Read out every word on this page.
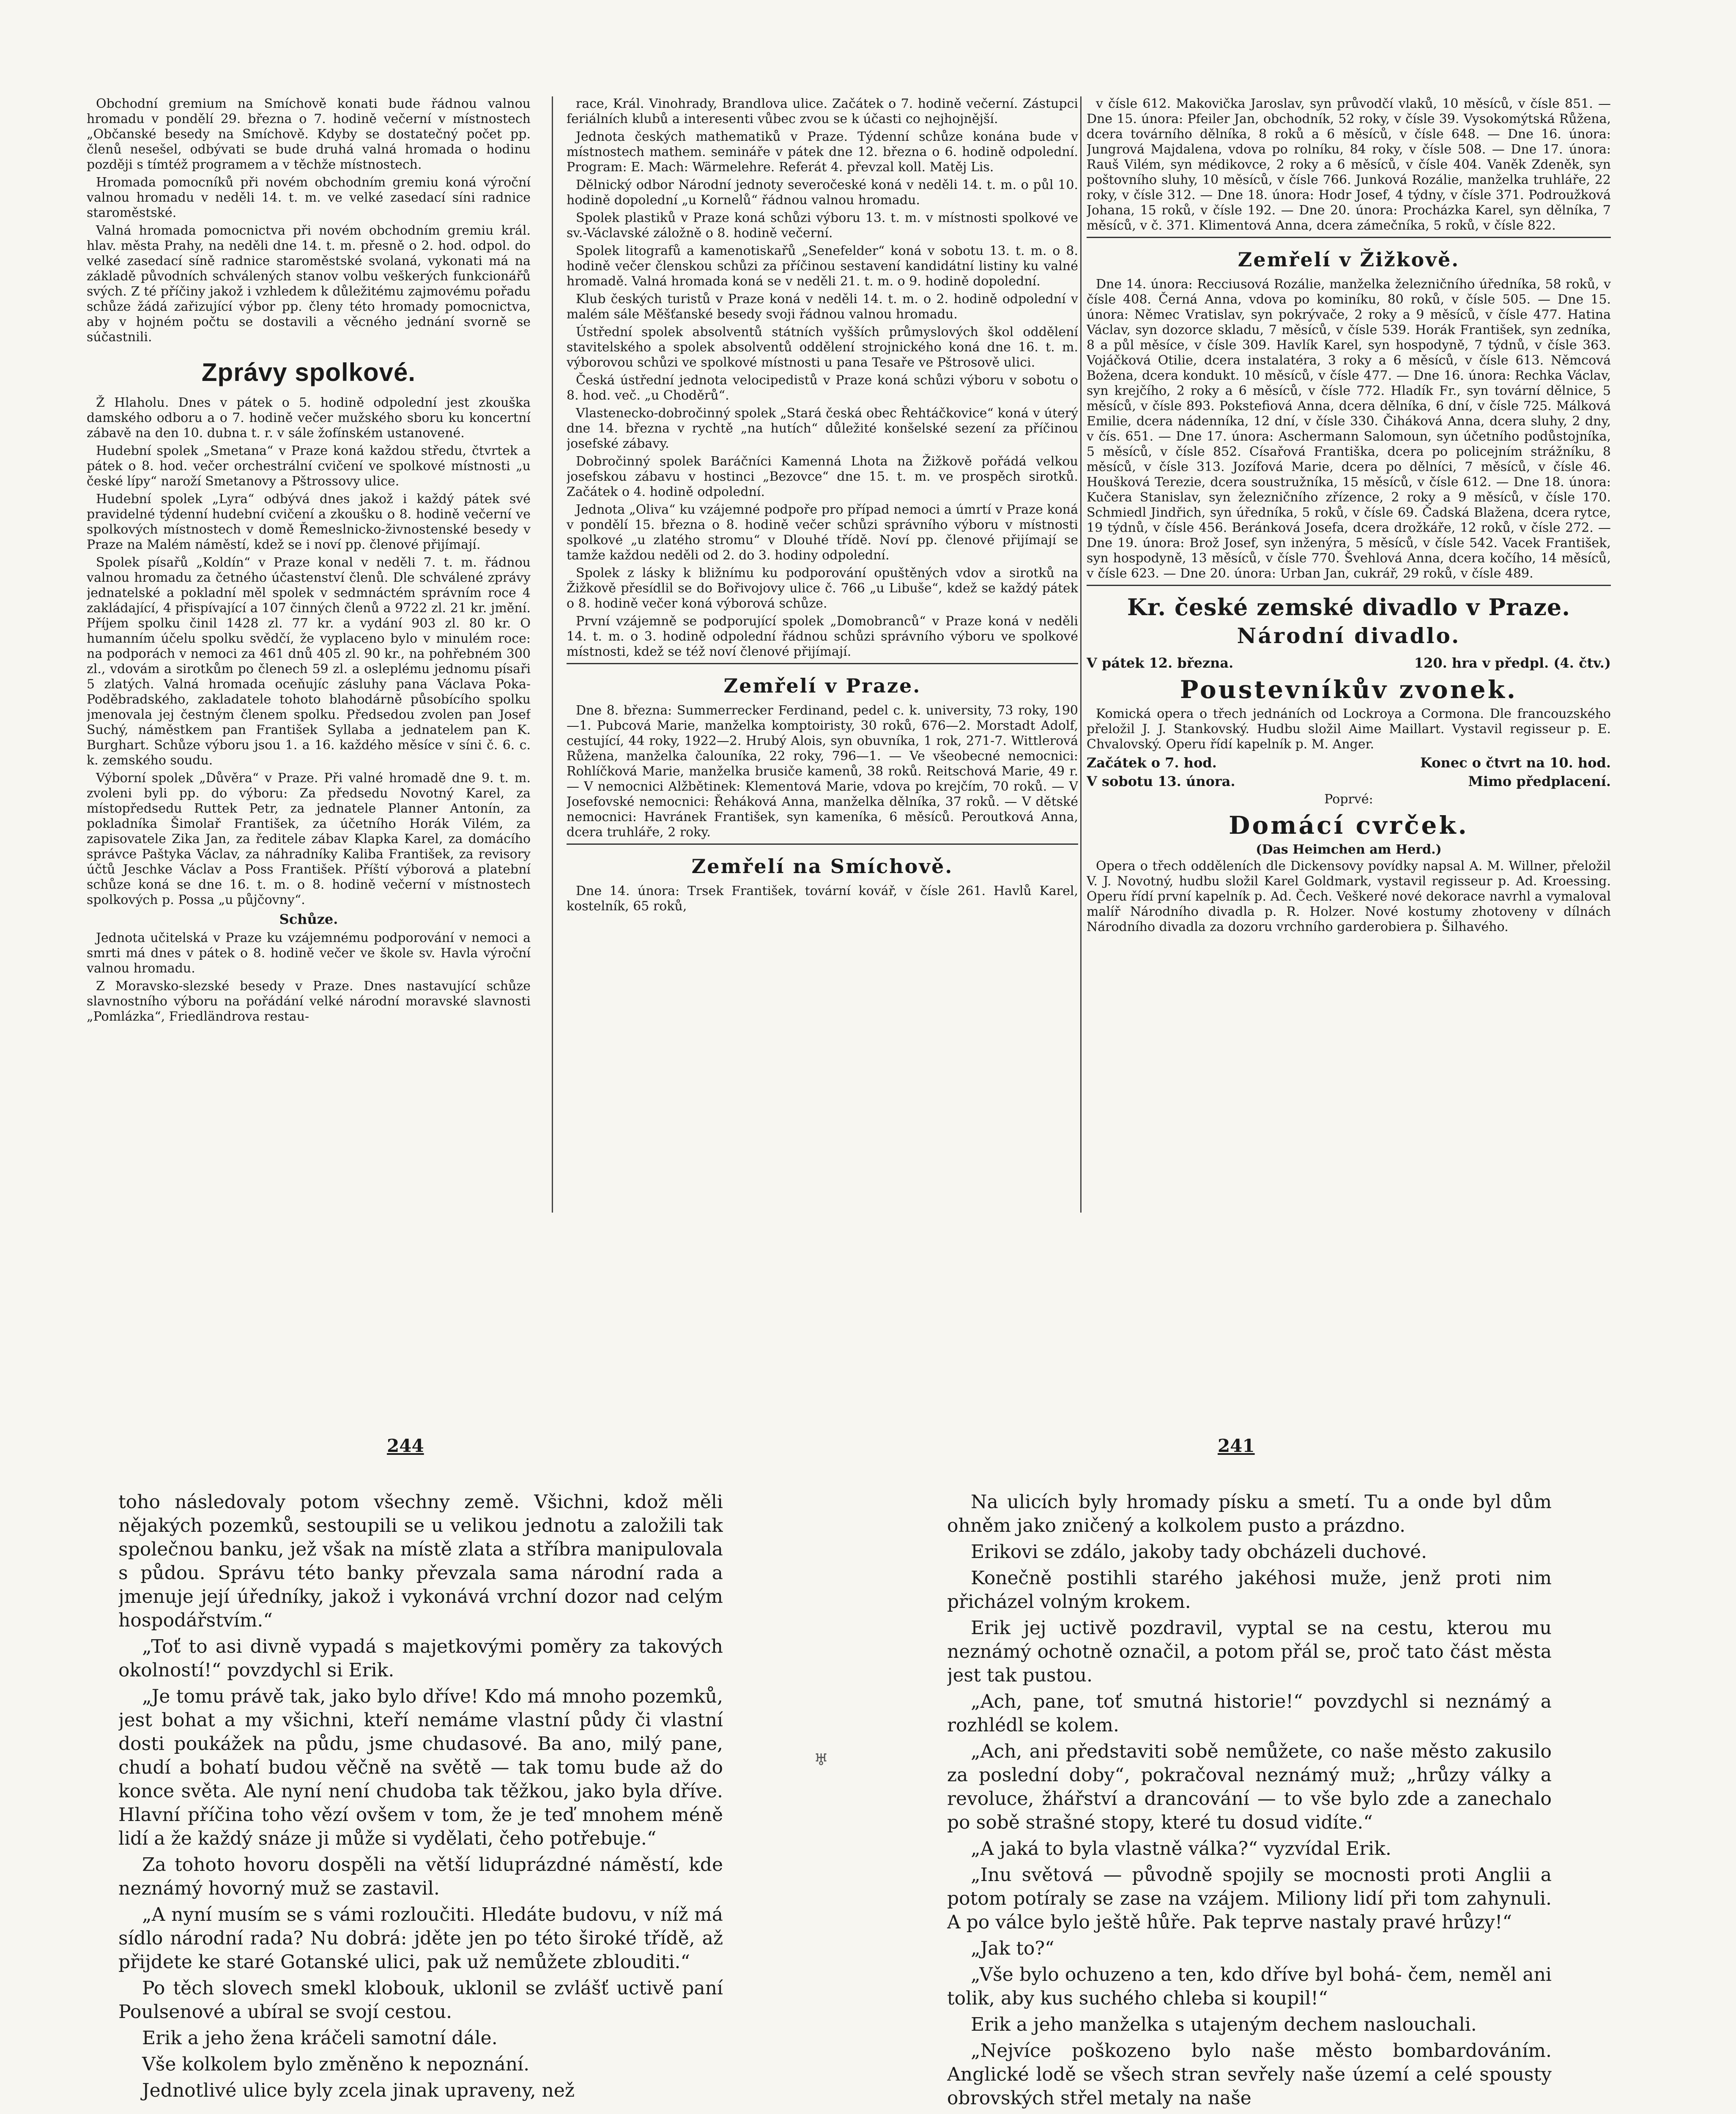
Obchodní gremium na Smíchově konati bude řádnou valnou hromadu v pondělí 29. března o 7. hodině večerní v místnostech „Občanské besedy na Smíchově. Kdyby se dostatečný počet pp. členů nesešel, odbývati se bude druhá valná hromada o hodinu později s tímtéž programem a v těchže místnostech.

Hromada pomocníků při novém obchodním gremiu koná výroční valnou hromadu v neděli 14. t. m. ve velké zasedací síni radnice staroměstské.

Valná hromada pomocnictva při novém obchodním gremiu král. hlav. města Prahy, na neděli dne 14. t. m. přesně o 2. hod. odpol. do velké zasedací síně radnice staroměstské svolaná, vykonati má na základě původních schválených stanov volbu veškerých funkcionářů svých. Z té příčiny jakož i vzhledem k důležitému zajmovému pořadu schůze žádá zařizující výbor pp. členy této hromady pomocnictva, aby v hojném počtu se dostavili a věcného jednání svorně se súčastnili.

Zprávy spolkové.

Ž Hlaholu. Dnes v pátek o 5. hodině odpolední jest zkouška damského odboru a o 7. hodině večer mužského sboru ku koncertní zábavě na den 10. dubna t. r. v sále žofínském ustanovené.

Hudební spolek „Smetana“ v Praze koná každou středu, čtvrtek a pátek o 8. hod. večer orchestrální cvičení ve spolkové místnosti „u české lípy“ naroží Smetanovy a Pštrossovy ulice.

Hudební spolek „Lyra“ odbývá dnes jakož i každý pátek své pravidelné týdenní hudební cvičení a zkoušku o 8. hodině večerní ve spolkových místnostech v domě Řemeslnicko-živnostenské besedy v Praze na Malém náměstí, kdež se i noví pp. členové přijímají.

Spolek písařů „Koldín“ v Praze konal v neděli 7. t. m. řádnou valnou hromadu za četného účastenství členů. Dle schválené zprávy jednatelské a pokladní měl spolek v sedmnáctém správním roce 4 zakládající, 4 přispívající a 107 činných členů a 9722 zl. 21 kr. jmění. Příjem spolku činil 1428 zl. 77 kr. a vydání 903 zl. 80 kr. O humanním účelu spolku svědčí, že vyplaceno bylo v minulém roce: na podporách v nemoci za 461 dnů 405 zl. 90 kr., na pohřebném 300 zl., vdovám a sirotkům po členech 59 zl. a osleplému jednomu písaři 5 zlatých. Valná hromada oceňujíc zásluhy pana Václava Poka-Poděbradského, zakladatele tohoto blahodárně působícího spolku jmenovala jej čestným členem spolku. Předsedou zvolen pan Josef Suchý, náměstkem pan František Syllaba a jednatelem pan K. Burghart. Schůze výboru jsou 1. a 16. každého měsíce v síni č. 6. c. k. zemského soudu.

Výborní spolek „Důvěra“ v Praze. Při valné hromadě dne 9. t. m. zvoleni byli pp. do výboru: Za předsedu Novotný Karel, za místopředsedu Ruttek Petr, za jednatele Planner Antonín, za pokladníka Šimolař František, za účetního Horák Vilém, za zapisovatele Zika Jan, za ředitele zábav Klapka Karel, za domácího správce Paštyka Václav, za náhradníky Kaliba František, za revisory účtů Jeschke Václav a Poss František. Příští výborová a platební schůze koná se dne 16. t. m. o 8. hodině večerní v místnostech spolkových p. Possa „u půjčovny“.

Schůze.

Jednota učitelská v Praze ku vzájemnému podporování v nemoci a smrti má dnes v pátek o 8. hodině večer ve škole sv. Havla výroční valnou hromadu.

Z Moravsko-slezské besedy v Praze. Dnes nastavující schůze slavnostního výboru na pořádání velké národní moravské slavnosti „Pomlázka“, Friedländrova restau-

race, Král. Vinohrady, Brandlova ulice. Začátek o 7. hodině večerní. Zástupci feriálních klubů a interesenti vůbec zvou se k účasti co nejhojnější.

Jednota českých mathematiků v Praze. Týdenní schůze konána bude v místnostech mathem. semináře v pátek dne 12. března o 6. hodině odpolední. Program: E. Mach: Wärmelehre. Referát 4. převzal koll. Matěj Lis.

Dělnický odbor Národní jednoty severočeské koná v neděli 14. t. m. o půl 10. hodině dopolední „u Kornelů“ řádnou valnou hromadu.

Spolek plastiků v Praze koná schůzi výboru 13. t. m. v místnosti spolkové ve sv.-Václavské záložně o 8. hodině večerní.

Spolek litografů a kamenotiskařů „Senefelder“ koná v sobotu 13. t. m. o 8. hodině večer členskou schůzi za příčinou sestavení kandidátní listiny ku valné hromadě. Valná hromada koná se v neděli 21. t. m. o 9. hodině dopolední.

Klub českých turistů v Praze koná v neděli 14. t. m. o 2. hodině odpolední v malém sále Měšťanské besedy svoji řádnou valnou hromadu.

Ústřední spolek absolventů státních vyšších průmyslových škol oddělení stavitelského a spolek absolventů oddělení strojnického koná dne 16. t. m. výborovou schůzi ve spolkové místnosti u pana Tesaře ve Pštrosově ulici.

Česká ústřední jednota velocipedistů v Praze koná schůzi výboru v sobotu o 8. hod. več. „u Choděrů“.

Vlastenecko-dobročinný spolek „Stará česká obec Řehtáčkovice“ koná v úterý dne 14. března v rychtě „na hutích“ důležité konšelské sezení za příčinou josefské zábavy.

Dobročinný spolek Baráčníci Kamenná Lhota na Žižkově pořádá velkou josefskou zábavu v hostinci „Bezovce“ dne 15. t. m. ve prospěch sirotků. Začátek o 4. hodině odpolední.

Jednota „Oliva“ ku vzájemné podpoře pro případ nemoci a úmrtí v Praze koná v pondělí 15. března o 8. hodině večer schůzi správního výboru v místnosti spolkové „u zlatého stromu“ v Dlouhé třídě. Noví pp. členové přijímají se tamže každou neděli od 2. do 3. hodiny odpolední.

Spolek z lásky k bližnímu ku podporování opuštěných vdov a sirotků na Žižkově přesídlil se do Bořivojovy ulice č. 766 „u Libuše“, kdež se každý pátek o 8. hodině večer koná výborová schůze.

První vzájemně se podporující spolek „Domobranců“ v Praze koná v neděli 14. t. m. o 3. hodině odpolední řádnou schůzi správního výboru ve spolkové místnosti, kdež se též noví členové přijímají.

Zemřelí v Praze.

Dne 8. března: Summerrecker Ferdinand, pedel c. k. university, 73 roky, 190—1. Pubcová Marie, manželka komptoiristy, 30 roků, 676—2. Morstadt Adolf, cestující, 44 roky, 1922—2. Hrubý Alois, syn obuvníka, 1 rok, 271-7. Wittlerová Růžena, manželka čalouníka, 22 roky, 796—1. — Ve všeobecné nemocnici: Rohlíčková Marie, manželka brusiče kamenů, 38 roků. Reitschová Marie, 49 r. — V nemocnici Alžbětinek: Klementová Marie, vdova po krejčím, 70 roků. — V Josefovské nemocnici: Řeháková Anna, manželka dělníka, 37 roků. — V dětské nemocnici: Havránek František, syn kameníka, 6 měsíců. Peroutková Anna, dcera truhláře, 2 roky.

Zemřelí na Smíchově.

Dne 14. února: Trsek František, tovární kovář, v čísle 261. Havlů Karel, kostelník, 65 roků,

v čísle 612. Makovička Jaroslav, syn průvodčí vlaků, 10 měsíců, v čísle 851. — Dne 15. února: Pfeiler Jan, obchodník, 52 roky, v čísle 39. Vysokomýtská Růžena, dcera továrního dělníka, 8 roků a 6 měsíců, v čísle 648. — Dne 16. února: Jungrová Majdalena, vdova po rolníku, 84 roky, v čísle 508. — Dne 17. února: Rauš Vilém, syn médikovce, 2 roky a 6 měsíců, v čísle 404. Vaněk Zdeněk, syn poštovního sluhy, 10 měsíců, v čísle 766. Junková Rozálie, manželka truhláře, 22 roky, v čísle 312. — Dne 18. února: Hodr Josef, 4 týdny, v čísle 371. Podroužková Johana, 15 roků, v čísle 192. — Dne 20. února: Procházka Karel, syn dělníka, 7 měsíců, v č. 371. Klimentová Anna, dcera zámečníka, 5 roků, v čísle 822.

Zemřelí v Žižkově.

Dne 14. února: Recciusová Rozálie, manželka železničního úředníka, 58 roků, v čísle 408. Černá Anna, vdova po kominíku, 80 roků, v čísle 505. — Dne 15. února: Němec Vratislav, syn pokrývače, 2 roky a 9 měsíců, v čísle 477. Hatina Václav, syn dozorce skladu, 7 měsíců, v čísle 539. Horák František, syn zedníka, 8 a půl měsíce, v čísle 309. Havlík Karel, syn hospodyně, 7 týdnů, v čísle 363. Vojáčková Otilie, dcera instalatéra, 3 roky a 6 měsíců, v čísle 613. Němcová Božena, dcera kondukt. 10 měsíců, v čísle 477. — Dne 16. února: Rechka Václav, syn krejčího, 2 roky a 6 měsíců, v čísle 772. Hladík Fr., syn tovární dělnice, 5 měsíců, v čísle 893. Pokstefiová Anna, dcera dělníka, 6 dní, v čísle 725. Málková Emilie, dcera nádenníka, 12 dní, v čísle 330. Čiháková Anna, dcera sluhy, 2 dny, v čís. 651. — Dne 17. února: Aschermann Salomoun, syn účetního podůstojníka, 5 měsíců, v čísle 852. Císařová Františka, dcera po policejním strážníku, 8 měsíců, v čísle 313. Jozífová Marie, dcera po dělníci, 7 měsíců, v čísle 46. Houšková Terezie, dcera soustružníka, 15 měsíců, v čísle 612. — Dne 18. února: Kučera Stanislav, syn železničního zřízence, 2 roky a 9 měsíců, v čísle 170. Schmiedl Jindřich, syn úředníka, 5 roků, v čísle 69. Čadská Blažena, dcera rytce, 19 týdnů, v čísle 456. Beránková Josefa, dcera drožkáře, 12 roků, v čísle 272. — Dne 19. února: Brož Josef, syn inženýra, 5 měsíců, v čísle 542. Vacek František, syn hospodyně, 13 měsíců, v čísle 770. Švehlová Anna, dcera kočího, 14 měsíců, v čísle 623. — Dne 20. února: Urban Jan, cukrář, 29 roků, v čísle 489.

Kr. české zemské divadlo v Praze.
Národní divadlo.
V pátek 12. března.	120. hra v předpl. (4. čtv.)
Poustevníkův zvonek.

Komická opera o třech jednáních od Lockroya a Cormona. Dle francouzského přeložil J. J. Stankovský. Hudbu složil Aime Maillart. Vystavil regisseur p. E. Chvalovský. Operu řídí kapelník p. M. Anger.

Začátek o 7. hod.	Konec o čtvrt na 10. hod.
V sobotu 13. února.	Mimo předplacení.
Poprvé:
Domácí cvrček.
(Das Heimchen am Herd.)

Opera o třech odděleních dle Dickensovy povídky napsal A. M. Willner, přeložil V. J. Novotný, hudbu složil Karel Goldmark, vystavil regisseur p. Ad. Kroessing. Operu řídí první kapelník p. Ad. Čech. Veškeré nové dekorace navrhl a vymaloval malíř Národního divadla p. R. Holzer. Nové kostumy zhotoveny v dílnách Národního divadla za dozoru vrchního garderobiera p. Šilhavého.

244	241

toho následovaly potom všechny země. Všichni, kdož měli nějakých pozemků, sestoupili se u velikou jednotu a založili tak společnou banku, jež však na místě zlata a stříbra manipulovala s půdou. Správu této banky převzala sama národní rada a jmenuje její úředníky, jakož i vykonává vrchní dozor nad celým hospodářstvím.“

„Toť to asi divně vypadá s majetkovými poměry za takových okolností!“ povzdychl si Erik.

„Je tomu právě tak, jako bylo dříve! Kdo má mnoho pozemků, jest bohat a my všichni, kteří nemáme vlastní půdy či vlastní dosti poukážek na půdu, jsme chudasové. Ba ano, milý pane, chudí a bohatí budou věčně na světě — tak tomu bude až do konce světa. Ale nyní není chudoba tak těžkou, jako byla dříve. Hlavní příčina toho vězí ovšem v tom, že je teď mnohem méně lidí a že každý snáze ji může si vydělati, čeho potřebuje.“

Za tohoto hovoru dospěli na větší liduprázdné náměstí, kde neznámý hovorný muž se zastavil.

„A nyní musím se s vámi rozloučiti. Hledáte budovu, v níž má sídlo národní rada? Nu dobrá: jděte jen po této široké třídě, až přijdete ke staré Gotanské ulici, pak už nemůžete zblouditi.“

Po těch slovech smekl klobouk, uklonil se zvlášť uctivě paní Poulsenové a ubíral se svojí cestou.

Erik a jeho žena kráčeli samotní dále.

Vše kolkolem bylo změněno k nepoznání.

Jednotlivé ulice byly zcela jinak upraveny, než

♅

Na ulicích byly hromady písku a smetí. Tu a onde byl dům ohněm jako zničený a kolkolem pusto a prázdno.

Erikovi se zdálo, jakoby tady obcházeli duchové.

Konečně postihli starého jakéhosi muže, jenž proti nim přicházel volným krokem.

Erik jej uctivě pozdravil, vyptal se na cestu, kterou mu neznámý ochotně označil, a potom přál se, proč tato část města jest tak pustou.

„Ach, pane, toť smutná historie!“ povzdychl si neznámý a rozhlédl se kolem.

„Ach, ani představiti sobě nemůžete, co naše město zakusilo za poslední doby“, pokračoval neznámý muž; „hrůzy války a revoluce, žhářství a drancování — to vše bylo zde a zanechalo po sobě strašné stopy, které tu dosud vidíte.“

„A jaká to byla vlastně válka?“ vyzvídal Erik.

„Inu světová — původně spojily se mocnosti proti Anglii a potom potíraly se zase na vzájem. Miliony lidí při tom zahynuli. A po válce bylo ještě hůře. Pak teprve nastaly pravé hrůzy!“

„Jak to?“

„Vše bylo ochuzeno a ten, kdo dříve byl bohá- čem, neměl ani tolik, aby kus suchého chleba si koupil!“

Erik a jeho manželka s utajeným dechem naslouchali.

„Nejvíce poškozeno bylo naše město bombardováním. Anglické lodě se všech stran sevřely naše území a celé spousty obrovských střel metaly na naše
